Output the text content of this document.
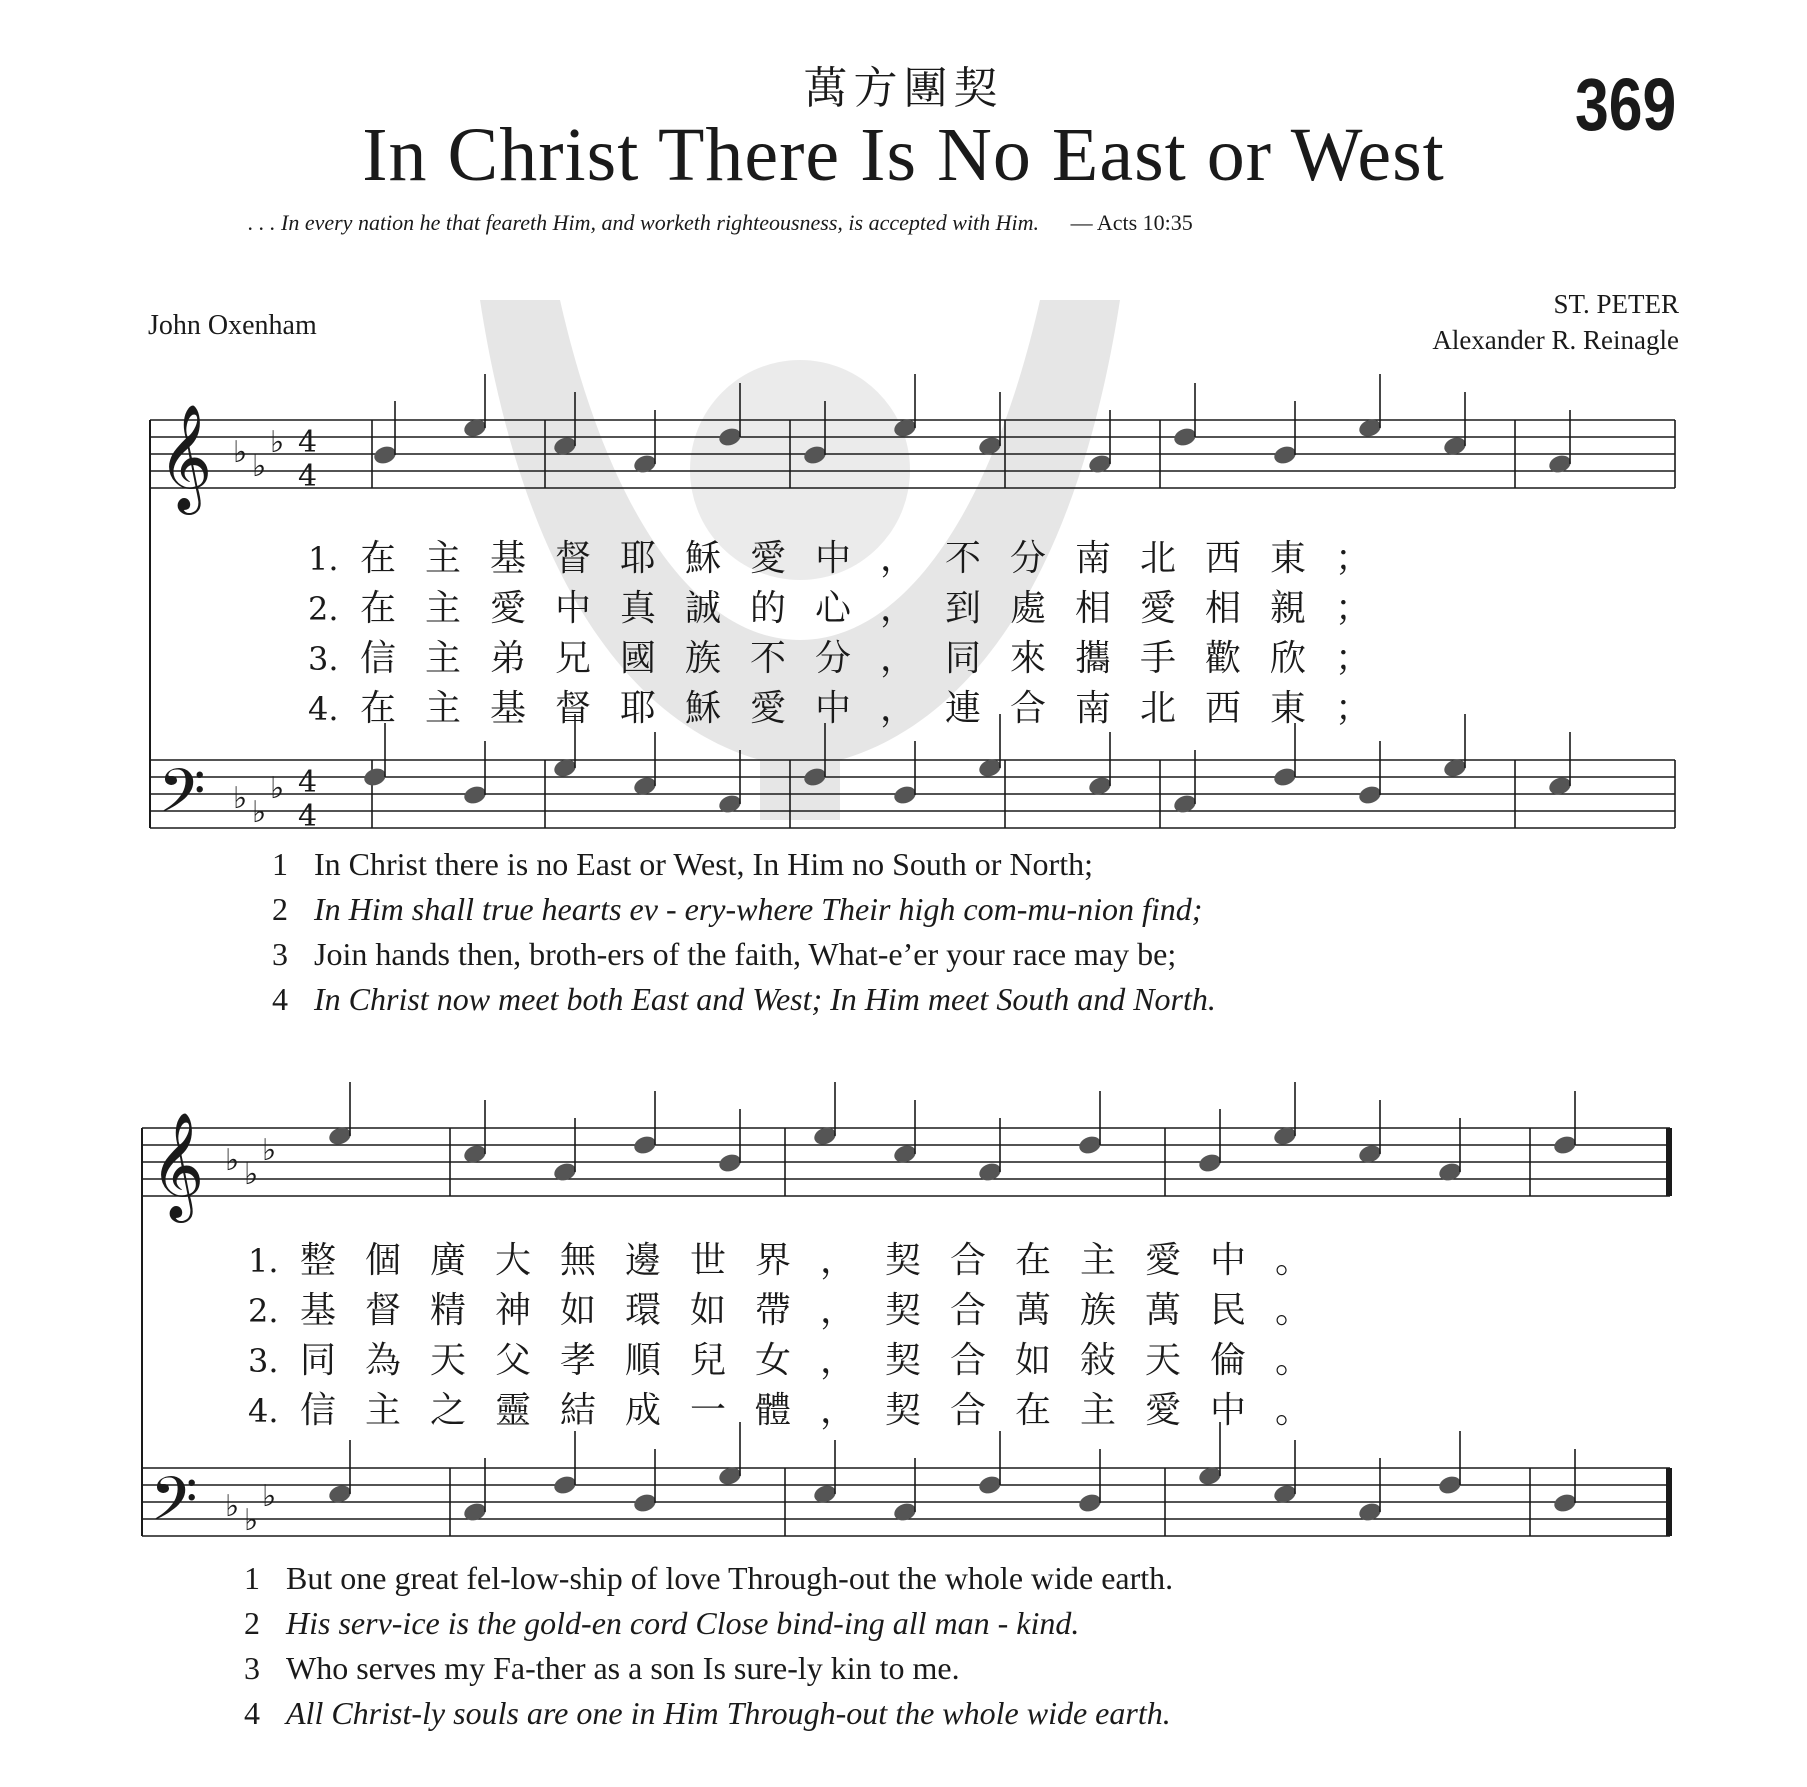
萬方團契	369
In Christ There Is No East or West
. . . In every nation he that feareth Him, and worketh righteousness, is accepted with Him. — Acts 10:35
John Oxenham
ST. PETER
Alexander R. Reinagle
𝄞
𝄢
♭ ♭
♭
♭ ♭
♭
4
4
4
4
𝄞
𝄢
♭ ♭
♭
♭ ♭
♭
1. 在主基督耶穌愛中，不分南北西東；
2. 在主愛中真誠的心，到處相愛相親；
3. 信主弟兄國族不分，同來攜手歡欣；
4. 在主基督耶穌愛中，連合南北西東；
1 In Christ there is no East or West, In Him no South or North;
2 In Him shall true hearts ev - ery-where Their high com-mu-nion find;
3 Join hands then, broth-ers of the faith, What-e’er your race may be;
4 In Christ now meet both East and West; In Him meet South and North.
1. 整個廣大無邊世界，契合在主愛中。
2. 基督精神如環如帶，契合萬族萬民。
3. 同為天父孝順兒女，契合如敍天倫。
4. 信主之靈結成一體，契合在主愛中。
1 But one great fel-low-ship of love Through-out the whole wide earth.
2 His serv-ice is the gold-en cord Close bind-ing all man - kind.
3 Who serves my Fa-ther as a son Is sure-ly kin to me.
4 All Christ-ly souls are one in Him Through-out the whole wide earth.
